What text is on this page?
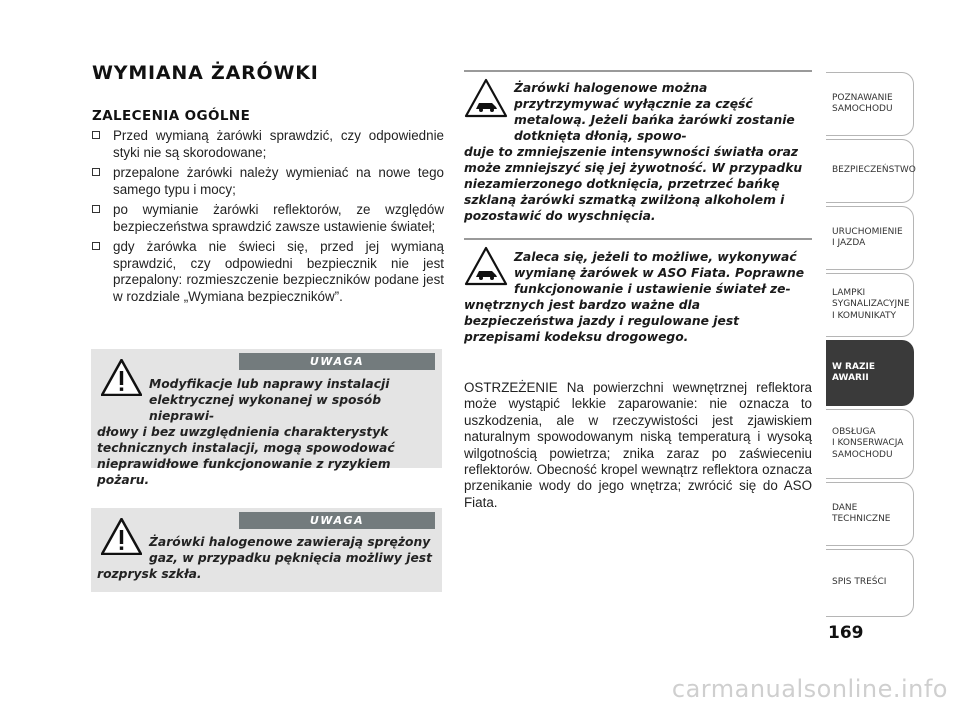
WYMIANA ŻARÓWKI
ZALECENIA OGÓLNE
Przed wymianą żarówki sprawdzić, czy odpowiednie styki nie są skorodowane;
przepalone żarówki należy wymieniać na nowe tego samego typu i mocy;
po wymianie żarówki reflektorów, ze względów bezpieczeństwa sprawdzić zawsze ustawienie świateł;
gdy żarówka nie świeci się, przed jej wymianą sprawdzić, czy odpowiedni bezpiecznik nie jest przepalony: rozmieszczenie bezpieczników podane jest w rozdziale „Wymiana bezpieczników”.
UWAGA
Modyfikacje lub naprawy instalacji elektrycznej wykonanej w sposób nieprawi-
dłowy i bez uwzględnienia charakterystyk technicznych instalacji, mogą spowodować nieprawidłowe funkcjonowanie z ryzykiem pożaru.
UWAGA
Żarówki halogenowe zawierają sprężony gaz, w przypadku pęknięcia możliwy jest
rozprysk szkła.
Żarówki halogenowe można przytrzymywać wyłącznie za część metalową. Jeżeli bańka żarówki zostanie dotknięta dłonią, spowo-
duje to zmniejszenie intensywności światła oraz może zmniejszyć się jej żywotność. W przypadku niezamierzonego dotknięcia, przetrzeć bańkę szklaną żarówki szmatką zwilżoną alkoholem i pozostawić do wyschnięcia.
Zaleca się, jeżeli to możliwe, wykonywać wymianę żarówek w ASO Fiata. Poprawne funkcjonowanie i ustawienie świateł ze-
wnętrznych jest bardzo ważne dla bezpieczeństwa jazdy i regulowane jest przepisami kodeksu drogowego.
OSTRZEŻENIE Na powierzchni wewnętrznej reflektora może wystąpić lekkie zaparowanie: nie oznacza to uszkodzenia, ale w rzeczywistości jest zjawiskiem naturalnym spowodowanym niską temperaturą i wysoką wilgotnością powietrza; znika zaraz po zaświeceniu reflektorów. Obecność kropel wewnątrz reflektora oznacza przenikanie wody do jego wnętrza; zwrócić się do ASO Fiata.
POZNAWANIE
SAMOCHODU
BEZPIECZEŃSTWO
URUCHOMIENIE
I JAZDA
LAMPKI
SYGNALIZACYJNE
I KOMUNIKATY
W RAZIE AWARII
OBSŁUGA
I KONSERWACJA
SAMOCHODU
DANE
TECHNICZNE
SPIS TREŚCI
169
carmanualsonline.info
